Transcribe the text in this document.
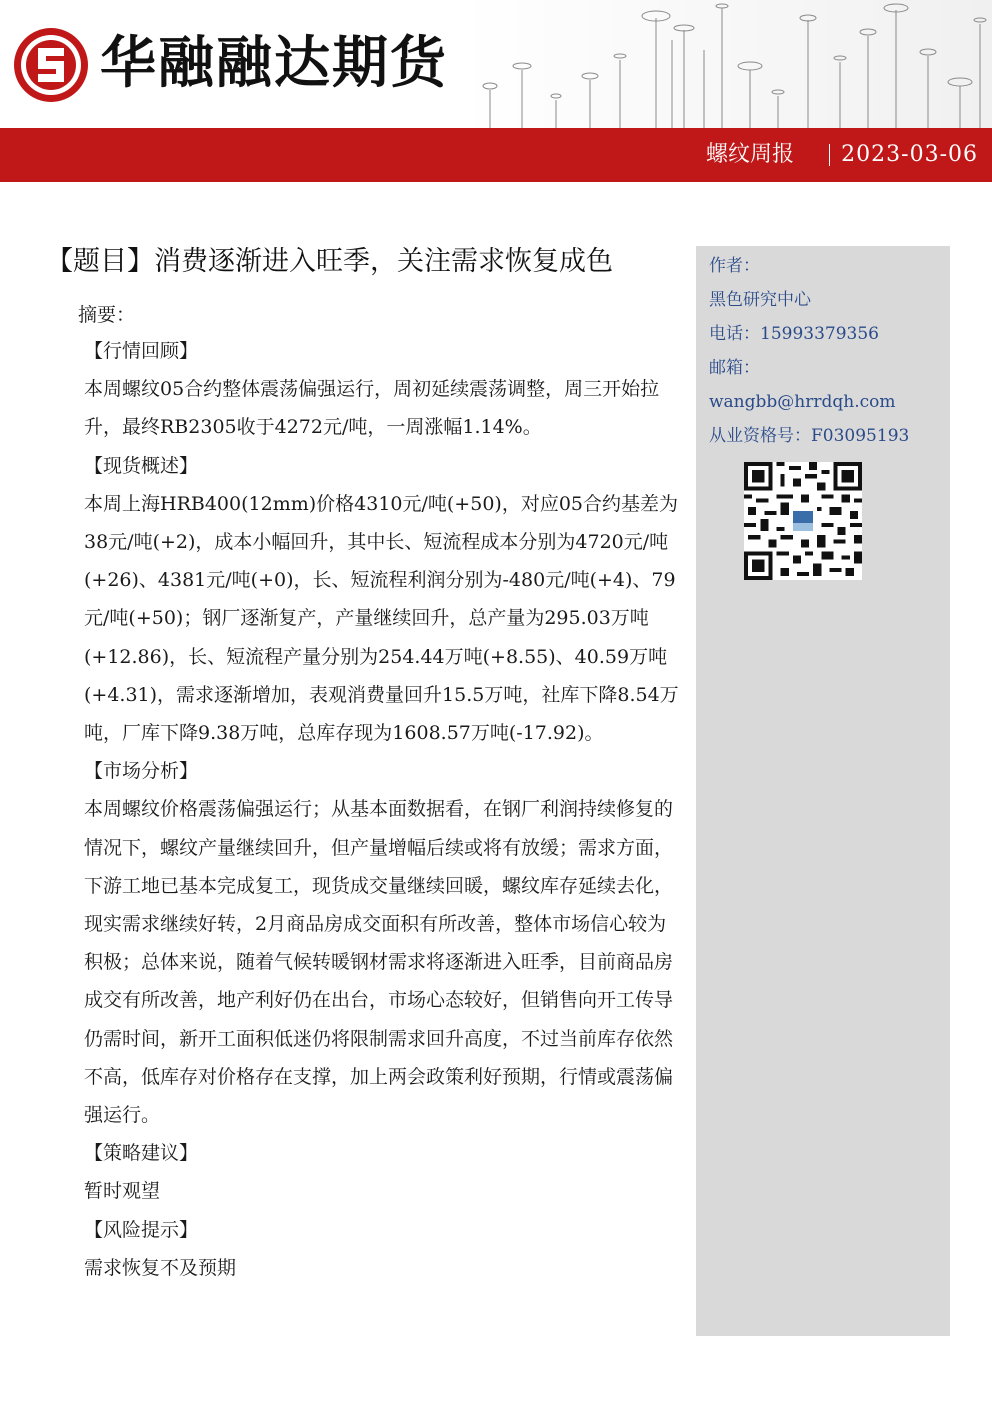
华融融达期货
螺纹周报 2023-03-06
【题目】消费逐渐进入旺季，关注需求恢复成色
摘要：

【行情回顾】

本周螺纹05合约整体震荡偏强运行，周初延续震荡调整，周三开始拉升，最终RB2305收于4272元/吨，一周涨幅1.14%。

【现货概述】

本周上海HRB400(12mm)价格4310元/吨(+50)，对应05合约基差为38元/吨(+2)，成本小幅回升，其中长、短流程成本分别为4720元/吨(+26)、4381元/吨(+0)，长、短流程利润分别为-480元/吨(+4)、79元/吨(+50)；钢厂逐渐复产，产量继续回升，总产量为295.03万吨(+12.86)，长、短流程产量分别为254.44万吨(+8.55)、40.59万吨(+4.31)，需求逐渐增加，表观消费量回升15.5万吨，社库下降8.54万吨，厂库下降9.38万吨，总库存现为1608.57万吨(-17.92)。

【市场分析】

本周螺纹价格震荡偏强运行；从基本面数据看，在钢厂利润持续修复的情况下，螺纹产量继续回升，但产量增幅后续或将有放缓；需求方面，下游工地已基本完成复工，现货成交量继续回暖，螺纹库存延续去化，现实需求继续好转，2月商品房成交面积有所改善，整体市场信心较为积极；总体来说，随着气候转暖钢材需求将逐渐进入旺季，目前商品房成交有所改善，地产利好仍在出台，市场心态较好，但销售向开工传导仍需时间，新开工面积低迷仍将限制需求回升高度，不过当前库存依然不高，低库存对价格存在支撑，加上两会政策利好预期，行情或震荡偏强运行。

【策略建议】

暂时观望

【风险提示】

需求恢复不及预期

作者：
黑色研究中心
电话：15993379356
邮箱：
wangbb@hrrdqh.com
从业资格号：F03095193
